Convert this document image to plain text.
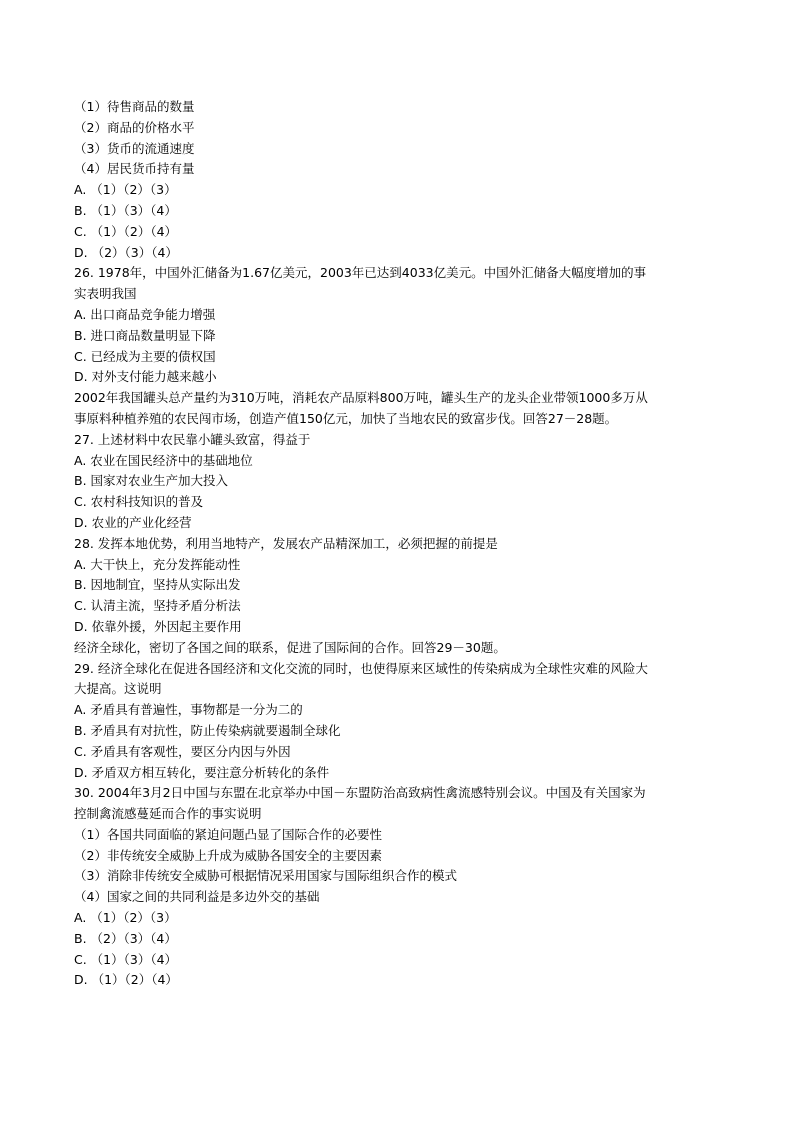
（1）待售商品的数量
（2）商品的价格水平
（3）货币的流通速度
（4）居民货币持有量
A. （1）（2）（3）
B. （1）（3）（4）
C. （1）（2）（4）
D. （2）（3）（4）
26. 1978年，中国外汇储备为1.67亿美元，2003年已达到4033亿美元。中国外汇储备大幅度增加的事
实表明我国
A. 出口商品竞争能力增强
B. 进口商品数量明显下降
C. 已经成为主要的债权国
D. 对外支付能力越来越小
2002年我国罐头总产量约为310万吨，消耗农产品原料800万吨，罐头生产的龙头企业带领1000多万从
事原料种植养殖的农民闯市场，创造产值150亿元，加快了当地农民的致富步伐。回答27－28题。
27. 上述材料中农民靠小罐头致富，得益于
A. 农业在国民经济中的基础地位
B. 国家对农业生产加大投入
C. 农村科技知识的普及
D. 农业的产业化经营
28. 发挥本地优势，利用当地特产，发展农产品精深加工，必须把握的前提是
A. 大干快上，充分发挥能动性
B. 因地制宜，坚持从实际出发
C. 认清主流，坚持矛盾分析法
D. 依靠外援，外因起主要作用
经济全球化，密切了各国之间的联系，促进了国际间的合作。回答29－30题。
29. 经济全球化在促进各国经济和文化交流的同时，也使得原来区域性的传染病成为全球性灾难的风险大
大提高。这说明
A. 矛盾具有普遍性，事物都是一分为二的
B. 矛盾具有对抗性，防止传染病就要遏制全球化
C. 矛盾具有客观性，要区分内因与外因
D. 矛盾双方相互转化，要注意分析转化的条件
30. 2004年3月2日中国与东盟在北京举办中国－东盟防治高致病性禽流感特别会议。中国及有关国家为
控制禽流感蔓延而合作的事实说明
（1）各国共同面临的紧迫问题凸显了国际合作的必要性
（2）非传统安全威胁上升成为威胁各国安全的主要因素
（3）消除非传统安全威胁可根据情况采用国家与国际组织合作的模式
（4）国家之间的共同利益是多边外交的基础
A. （1）（2）（3）
B. （2）（3）（4）
C. （1）（3）（4）
D. （1）（2）（4）
